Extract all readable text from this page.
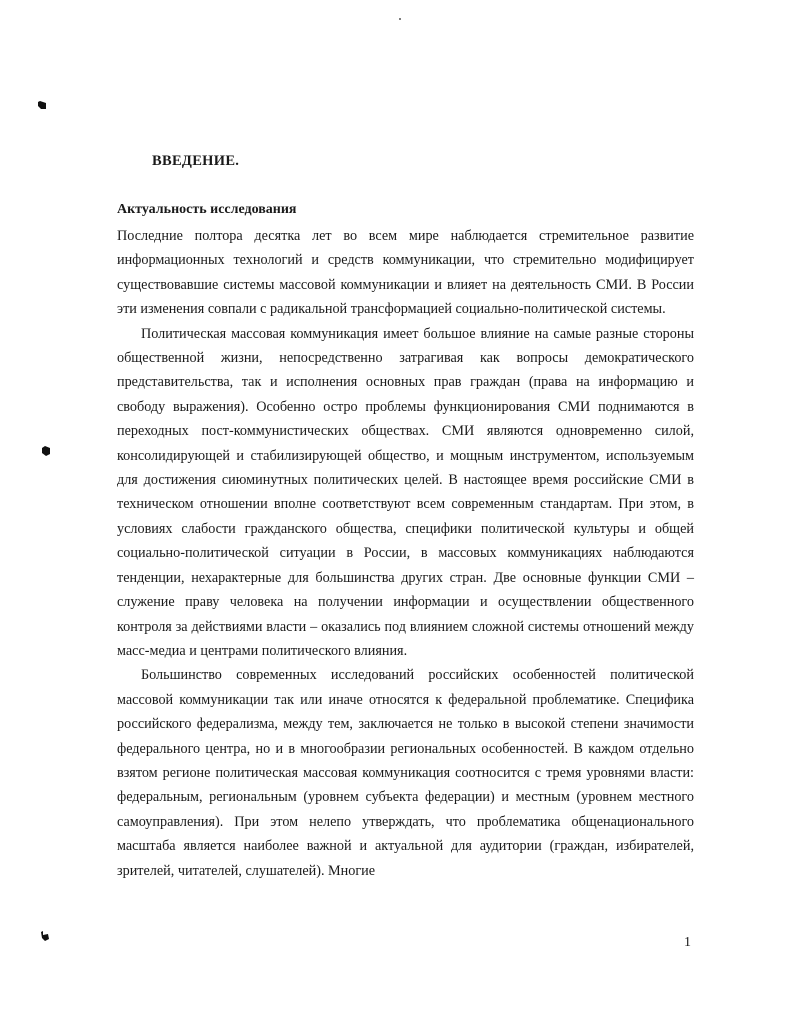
ВВЕДЕНИЕ.
Актуальность исследования

Последние полтора десятка лет во всем мире наблюдается стремительное развитие информационных технологий и средств коммуникации, что стремительно модифицирует существовавшие системы массовой коммуникации и влияет на деятельность СМИ. В России эти изменения совпали с радикальной трансформацией социально-политической системы.

Политическая массовая коммуникация имеет большое влияние на самые разные стороны общественной жизни, непосредственно затрагивая как вопросы демократического представительства, так и исполнения основных прав граждан (права на информацию и свободу выражения). Особенно остро проблемы функционирования СМИ поднимаются в переходных пост-коммунистических обществах. СМИ являются одновременно силой, консолидирующей и стабилизирующей общество, и мощным инструментом, используемым для достижения сиюминутных политических целей. В настоящее время российские СМИ в техническом отношении вполне соответствуют всем современным стандартам. При этом, в условиях слабости гражданского общества, специфики политической культуры и общей социально-политической ситуации в России, в массовых коммуникациях наблюдаются тенденции, нехарактерные для большинства других стран. Две основные функции СМИ – служение праву человека на получении информации и осуществлении общественного контроля за действиями власти – оказались под влиянием сложной системы отношений между масс-медиа и центрами политического влияния.

Большинство современных исследований российских особенностей политической массовой коммуникации так или иначе относятся к федеральной проблематике. Специфика российского федерализма, между тем, заключается не только в высокой степени значимости федерального центра, но и в многообразии региональных особенностей. В каждом отдельно взятом регионе политическая массовая коммуникация соотносится с тремя уровнями власти: федеральным, региональным (уровнем субъекта федерации) и местным (уровнем местного самоуправления). При этом нелепо утверждать, что проблематика общенационального масштаба является наиболее важной и актуальной для аудитории (граждан, избирателей, зрителей, читателей, слушателей). Многие

1
